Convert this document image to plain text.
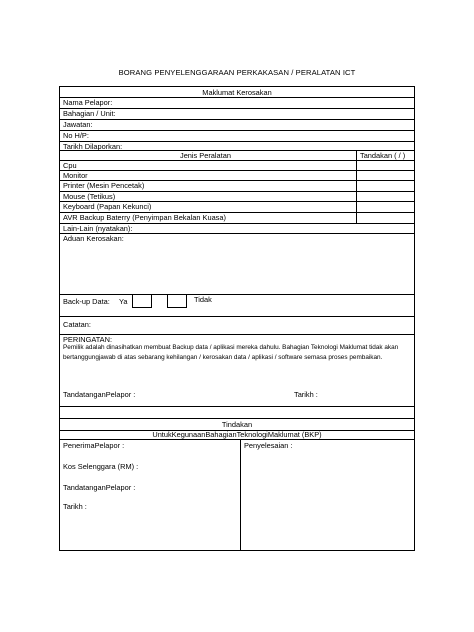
BORANG PENYELENGGARAAN PERKAKASAN / PERALATAN ICT
Maklumat Kerosakan
Nama Pelapor:
Bahagian / Unit:
Jawatan:
No H/P:
Tarikh Dilaporkan:
Jenis Peralatan	Tandakan ( / )
Cpu
Monitor
Printer (Mesin Pencetak)
Mouse (Tetikus)
Keyboard (Papan Kekunci)
AVR Backup Baterry (Penyimpan Bekalan Kuasa)
Lain-Lain (nyatakan):
Aduan Kerosakan:
Back-up Data: Ya	Tidak
Catatan:
PERINGATAN:
Pemilik adalah dinasihatkan membuat Backup data / aplikasi mereka dahulu. Bahagian Teknologi Maklumat tidak akan bertanggungjawab di atas sebarang kehilangan / kerosakan data / aplikasi / software semasa proses pembaikan.
TandatanganPelapor :	Tarikh :
Tindakan
UntukKegunaanBahagianTeknologiMaklumat (BKP)
PenerimaPelapor :
Kos Selenggara (RM) :
TandatanganPelapor :
Tarikh :
Penyelesaian :
